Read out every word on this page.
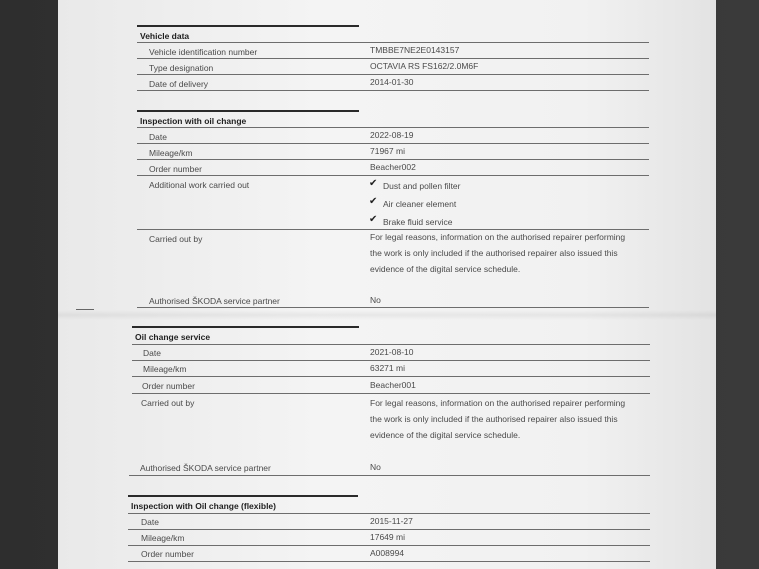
Vehicle data
Vehicle identification number	TMBBE7NE2E0143157
Type designation	OCTAVIA RS FS162/2.0M6F
Date of delivery	2014-01-30
Inspection with oil change
Date	2022-08-19
Mileage/km	71967 mi
Order number	Beacher002
Additional work carried out	✔ Dust and pollen filter
✔ Air cleaner element
✔ Brake fluid service
Carried out by	For legal reasons, information on the authorised repairer performing
the work is only included if the authorised repairer also issued this
evidence of the digital service schedule.
Authorised ŠKODA service partner	No
Oil change service
Date	2021-08-10
Mileage/km	63271 mi
Order number	Beacher001
Carried out by	For legal reasons, information on the authorised repairer performing
the work is only included if the authorised repairer also issued this
evidence of the digital service schedule.
Authorised ŠKODA service partner	No
Inspection with Oil change (flexible)
Date	2015-11-27
Mileage/km	17649 mi
Order number	A008994
